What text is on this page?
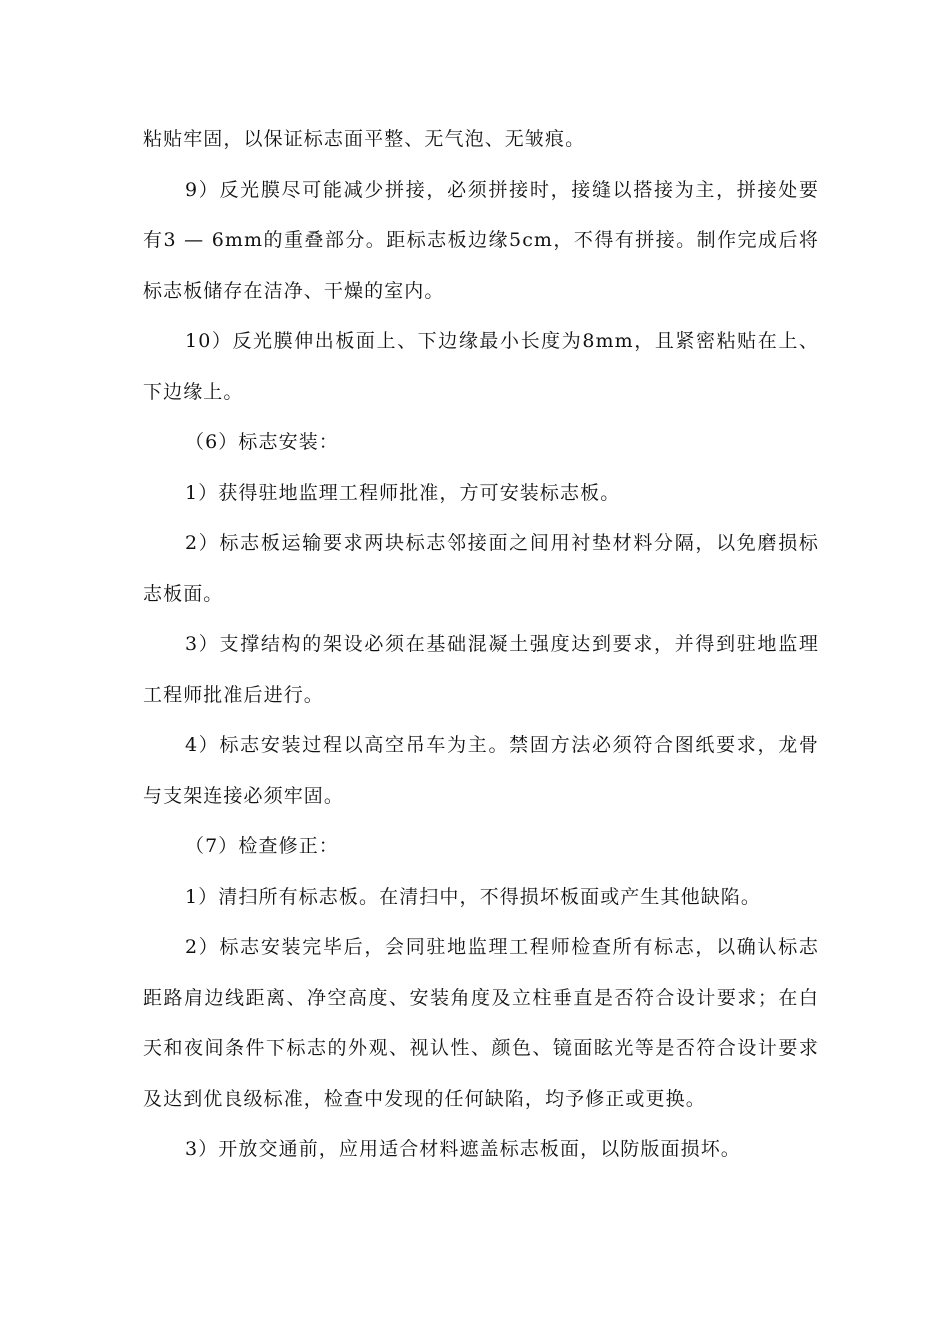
粘贴牢固，以保证标志面平整、无气泡、无皱痕。

9）反光膜尽可能减少拼接，必须拼接时，接缝以搭接为主，拼接处要有3 — 6mm的重叠部分。距标志板边缘5cm，不得有拼接。制作完成后将标志板储存在洁净、干燥的室内。

10）反光膜伸出板面上、下边缘最小长度为8mm，且紧密粘贴在上、下边缘上。

（6）标志安装：

1）获得驻地监理工程师批准，方可安装标志板。

2）标志板运输要求两块标志邻接面之间用衬垫材料分隔，以免磨损标志板面。

3）支撑结构的架设必须在基础混凝土强度达到要求，并得到驻地监理工程师批准后进行。

4）标志安装过程以高空吊车为主。禁固方法必须符合图纸要求，龙骨与支架连接必须牢固。

（7）检查修正：

1）清扫所有标志板。在清扫中，不得损坏板面或产生其他缺陷。

2）标志安装完毕后，会同驻地监理工程师检查所有标志，以确认标志距路肩边线距离、净空高度、安装角度及立柱垂直是否符合设计要求；在白天和夜间条件下标志的外观、视认性、颜色、镜面眩光等是否符合设计要求及达到优良级标准，检查中发现的任何缺陷，均予修正或更换。

3）开放交通前，应用适合材料遮盖标志板面，以防版面损坏。
